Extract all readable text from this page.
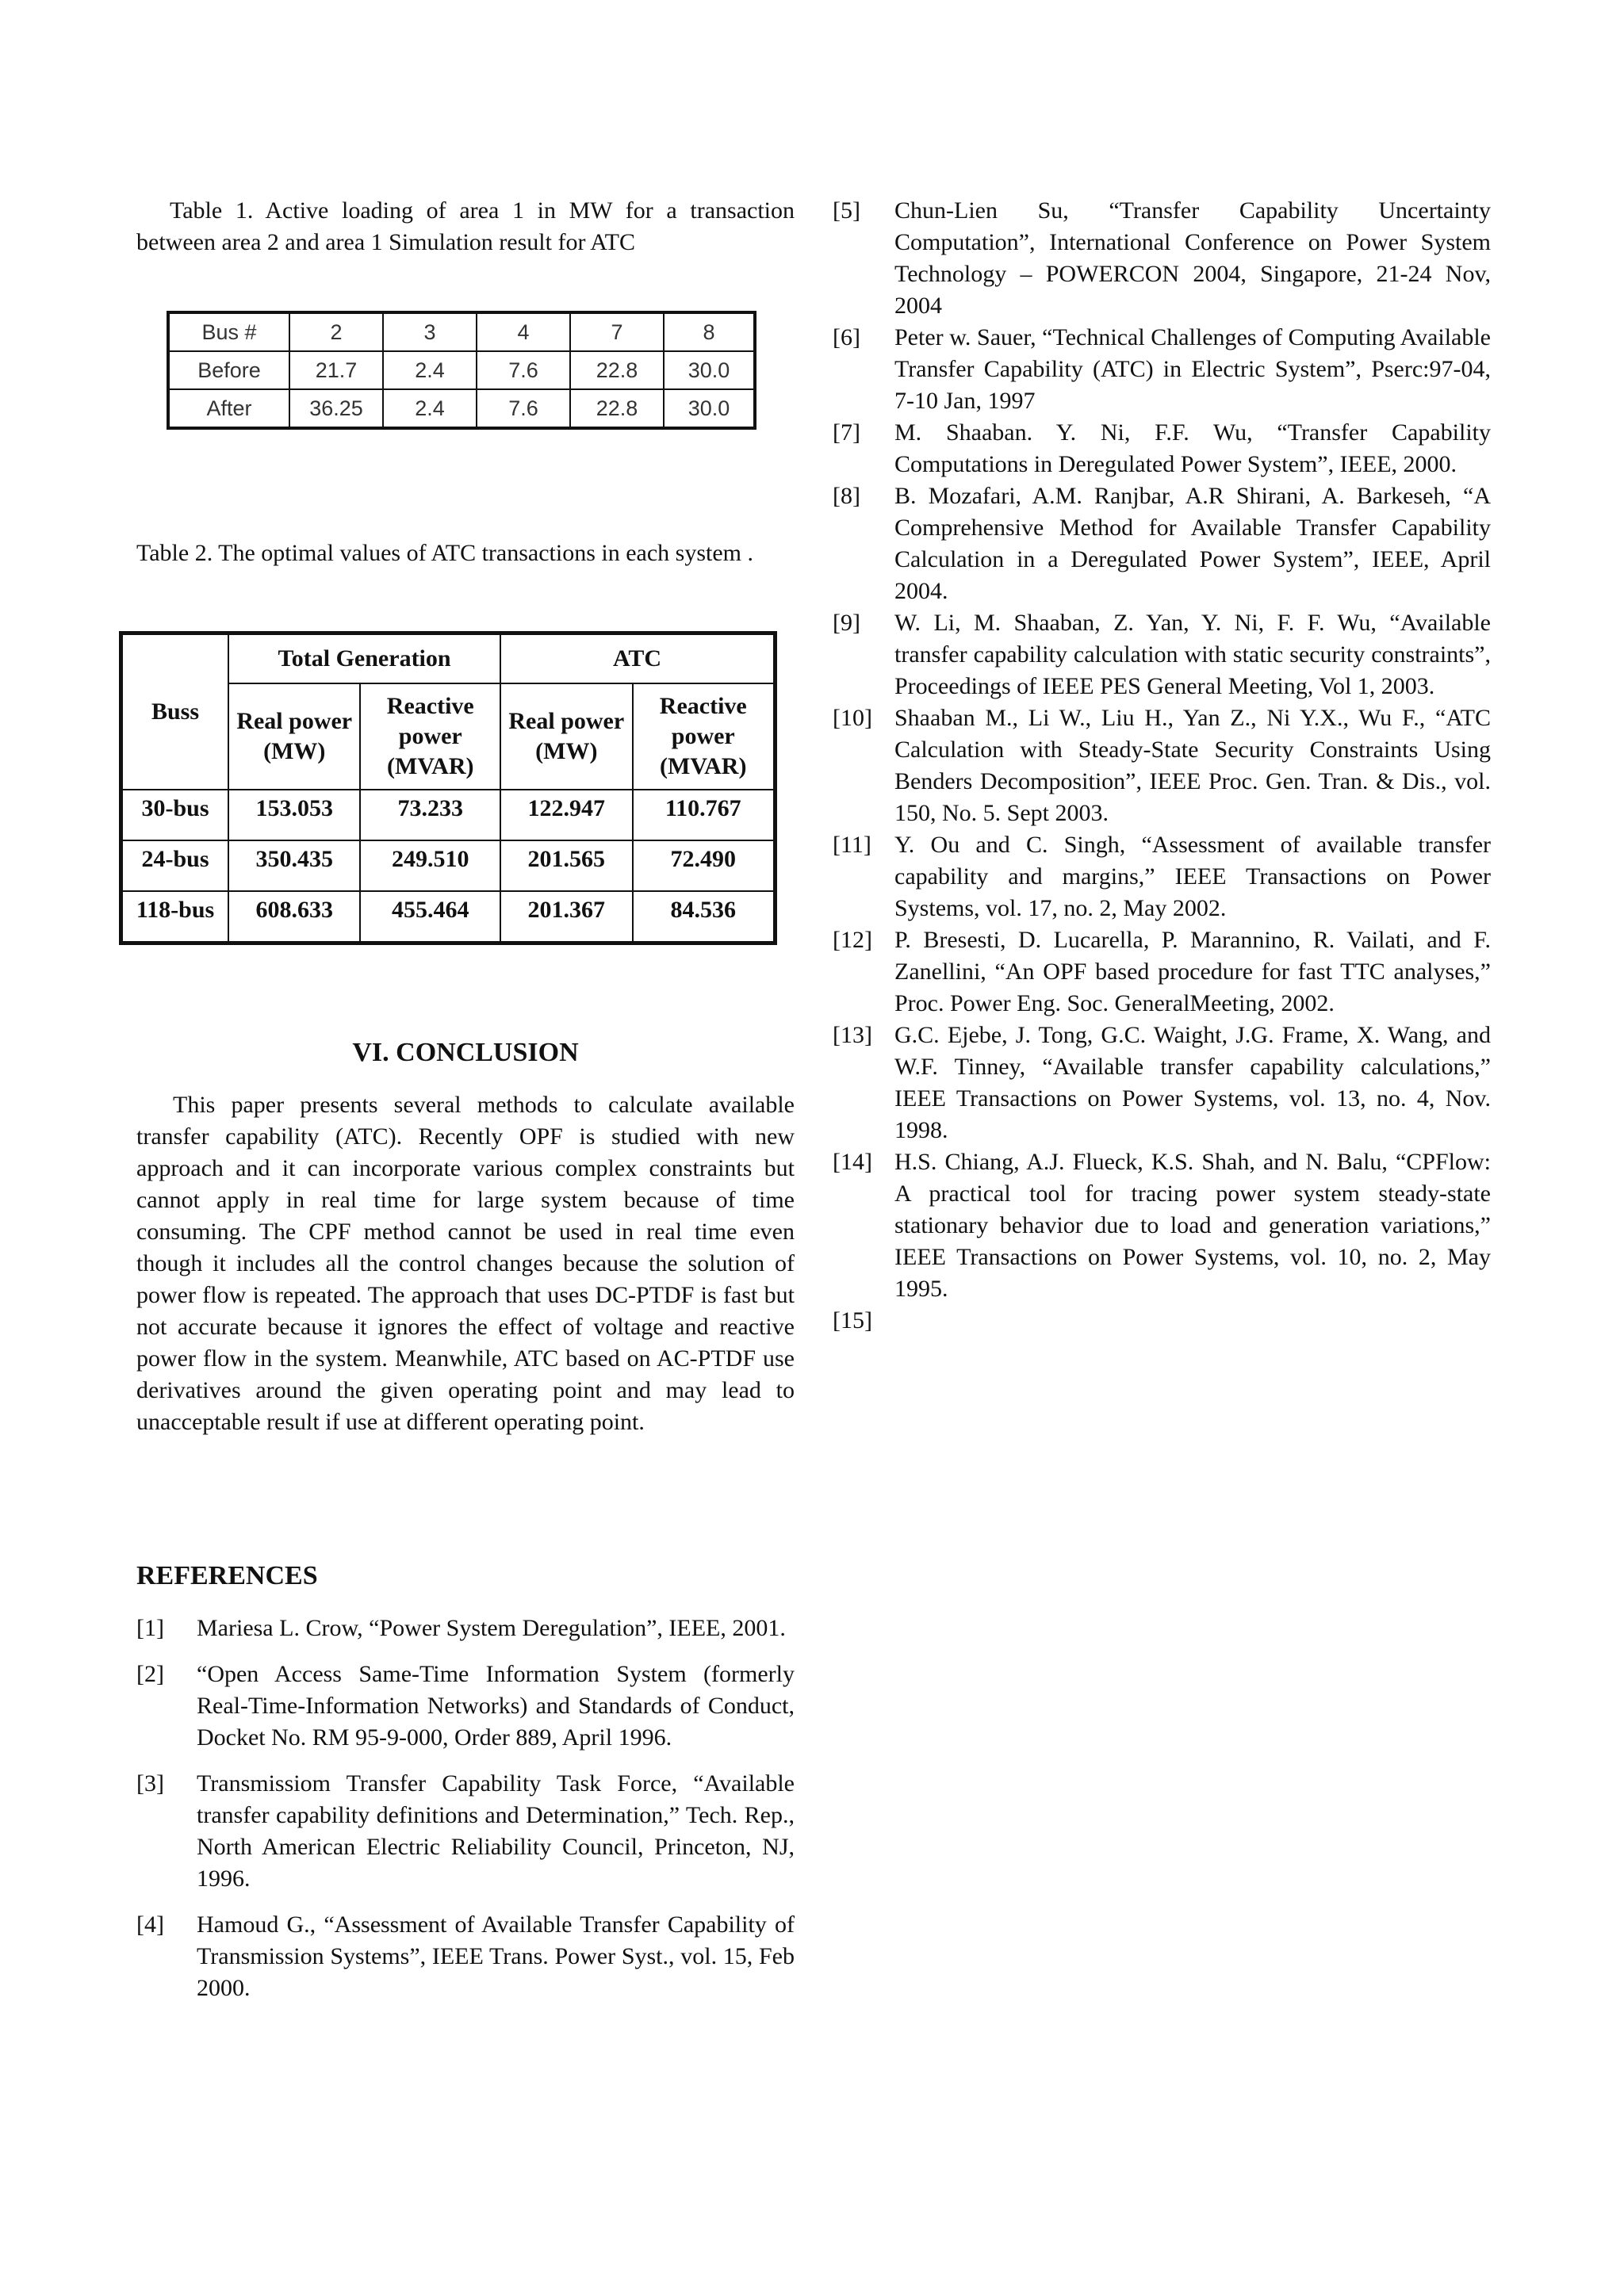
Table 1. Active loading of area 1 in MW for a transaction between area 2 and area 1 Simulation result for ATC

Bus #	2	3	4	7	8
Before	21.7	2.4	7.6	22.8	30.0
After	36.25	2.4	7.6	22.8	30.0

Table 2. The optimal values of ATC transactions in each system .

Buss	Total Generation		ATC	
	Real power (MW)	Reactive power (MVAR)	Real power (MW)	Reactive power (MVAR)
30-bus	153.053	73.233	122.947	110.767
24-bus	350.435	249.510	201.565	72.490
118-bus	608.633	455.464	201.367	84.536
VI. CONCLUSION

This paper presents several methods to calculate available transfer capability (ATC). Recently OPF is studied with new approach and it can incorporate various complex constraints but cannot apply in real time for large system because of time consuming. The CPF method cannot be used in real time even though it includes all the control changes because the solution of power flow is repeated. The approach that uses DC-PTDF is fast but not accurate because it ignores the effect of voltage and reactive power flow in the system. Meanwhile, ATC based on AC-PTDF use derivatives around the given operating point and may lead to unacceptable result if use at different operating point.

REFERENCES

[1]	Mariesa L. Crow, “Power System Deregulation”, IEEE, 2001.
[2]	“Open Access Same-Time Information System (formerly Real-Time-Information Networks) and Standards of Conduct, Docket No. RM 95-9-000, Order 889, April 1996.
[3]	Transmissiom Transfer Capability Task Force, “Available transfer capability definitions and Determination,” Tech. Rep., North American Electric Reliability Council, Princeton, NJ, 1996.
[4]	Hamoud G., “Assessment of Available Transfer Capability of Transmission Systems”, IEEE Trans. Power Syst., vol. 15, Feb 2000.
[5]	Chun-Lien Su, “Transfer Capability Uncertainty Computation”, International Conference on Power System Technology – POWERCON 2004, Singapore, 21-24 Nov, 2004
[6]	Peter w. Sauer, “Technical Challenges of Computing Available Transfer Capability (ATC) in Electric System”, Pserc:97-04, 7-10 Jan, 1997
[7]	M. Shaaban. Y. Ni, F.F. Wu, “Transfer Capability Computations in Deregulated Power System”, IEEE, 2000.
[8]	B. Mozafari, A.M. Ranjbar, A.R Shirani, A. Barkeseh, “A Comprehensive Method for Available Transfer Capability Calculation in a Deregulated Power System”, IEEE, April 2004.
[9]	W. Li, M. Shaaban, Z. Yan, Y. Ni, F. F. Wu, “Available transfer capability calculation with static security constraints”, Proceedings of IEEE PES General Meeting, Vol 1, 2003.
[10] Shaaban M., Li W., Liu H., Yan Z., Ni Y.X., Wu F., “ATC Calculation with Steady-State Security Constraints Using Benders Decomposition”, IEEE Proc. Gen. Tran. & Dis., vol. 150, No. 5. Sept 2003.
[11] Y. Ou and C. Singh, “Assessment of available transfer capability and margins,” IEEE Transactions on Power Systems, vol. 17, no. 2, May 2002.
[12] P. Bresesti, D. Lucarella, P. Marannino, R. Vailati, and F. Zanellini, “An OPF based procedure for fast TTC analyses,” Proc. Power Eng. Soc. GeneralMeeting, 2002.
[13] G.C. Ejebe, J. Tong, G.C. Waight, J.G. Frame, X. Wang, and W.F. Tinney, “Available transfer capability calculations,” IEEE Transactions on Power Systems, vol. 13, no. 4, Nov. 1998.
[14] H.S. Chiang, A.J. Flueck, K.S. Shah, and N. Balu, “CPFlow: A practical tool for tracing power system steady-state stationary behavior due to load and generation variations,” IEEE Transactions on Power Systems, vol. 10, no. 2, May 1995.
[15]
